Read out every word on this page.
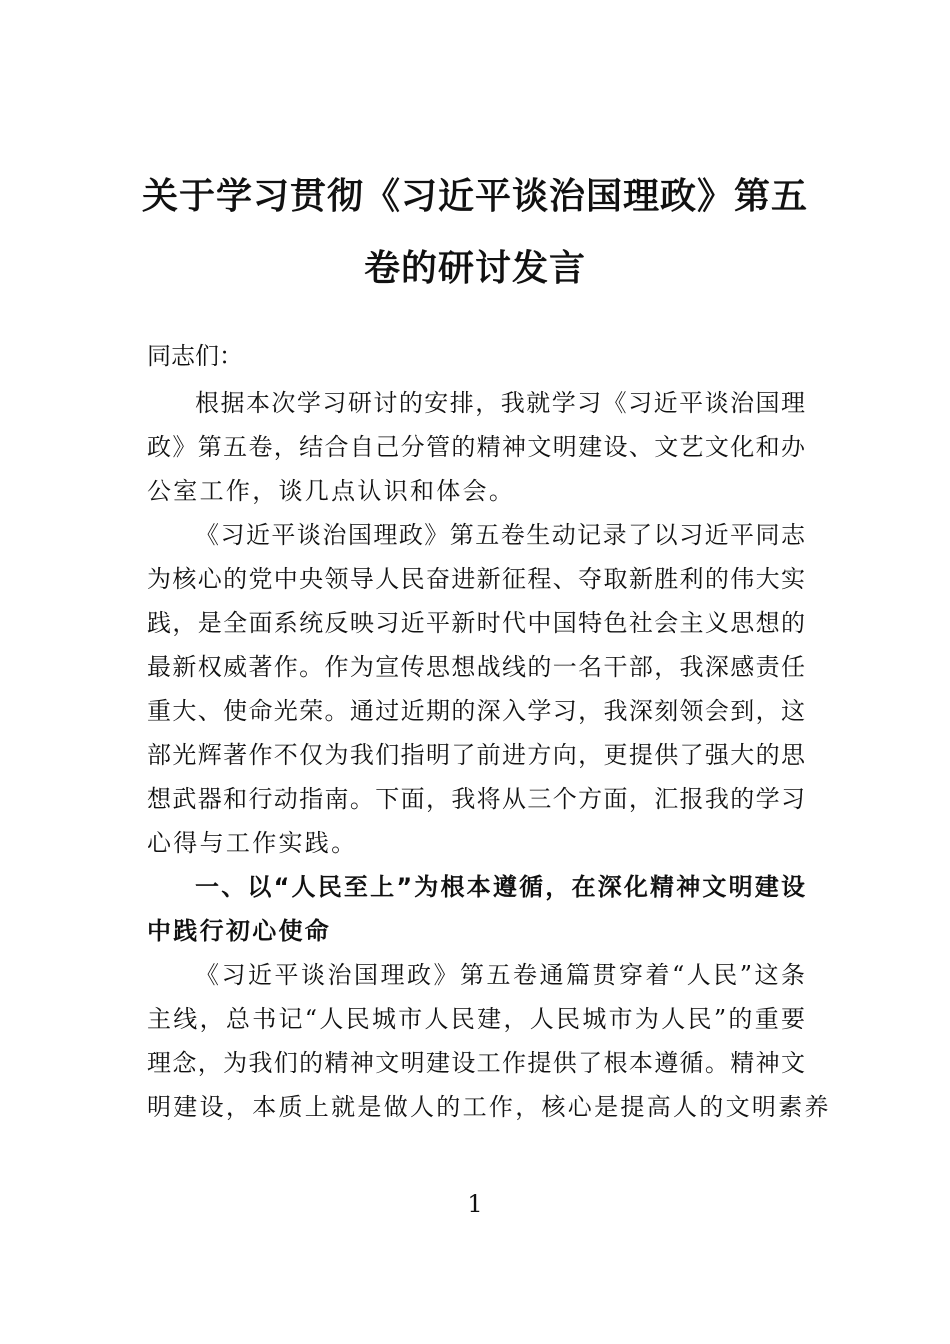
关于学习贯彻《习近平谈治国理政》第五
卷的研讨发言
同志们：
根据本次学习研讨的安排，我就学习《习近平谈治国理
政》第五卷，结合自己分管的精神文明建设、文艺文化和办
公室工作，谈几点认识和体会。
《习近平谈治国理政》第五卷生动记录了以习近平同志
为核心的党中央领导人民奋进新征程、夺取新胜利的伟大实
践，是全面系统反映习近平新时代中国特色社会主义思想的
最新权威著作。作为宣传思想战线的一名干部，我深感责任
重大、使命光荣。通过近期的深入学习，我深刻领会到，这
部光辉著作不仅为我们指明了前进方向，更提供了强大的思
想武器和行动指南。下面，我将从三个方面，汇报我的学习
心得与工作实践。
一、以“人民至上”为根本遵循，在深化精神文明建设
中践行初心使命
《习近平谈治国理政》第五卷通篇贯穿着“人民”这条
主线，总书记“人民城市人民建，人民城市为人民”的重要
理念，为我们的精神文明建设工作提供了根本遵循。精神文
明建设，本质上就是做人的工作，核心是提高人的文明素养
1
